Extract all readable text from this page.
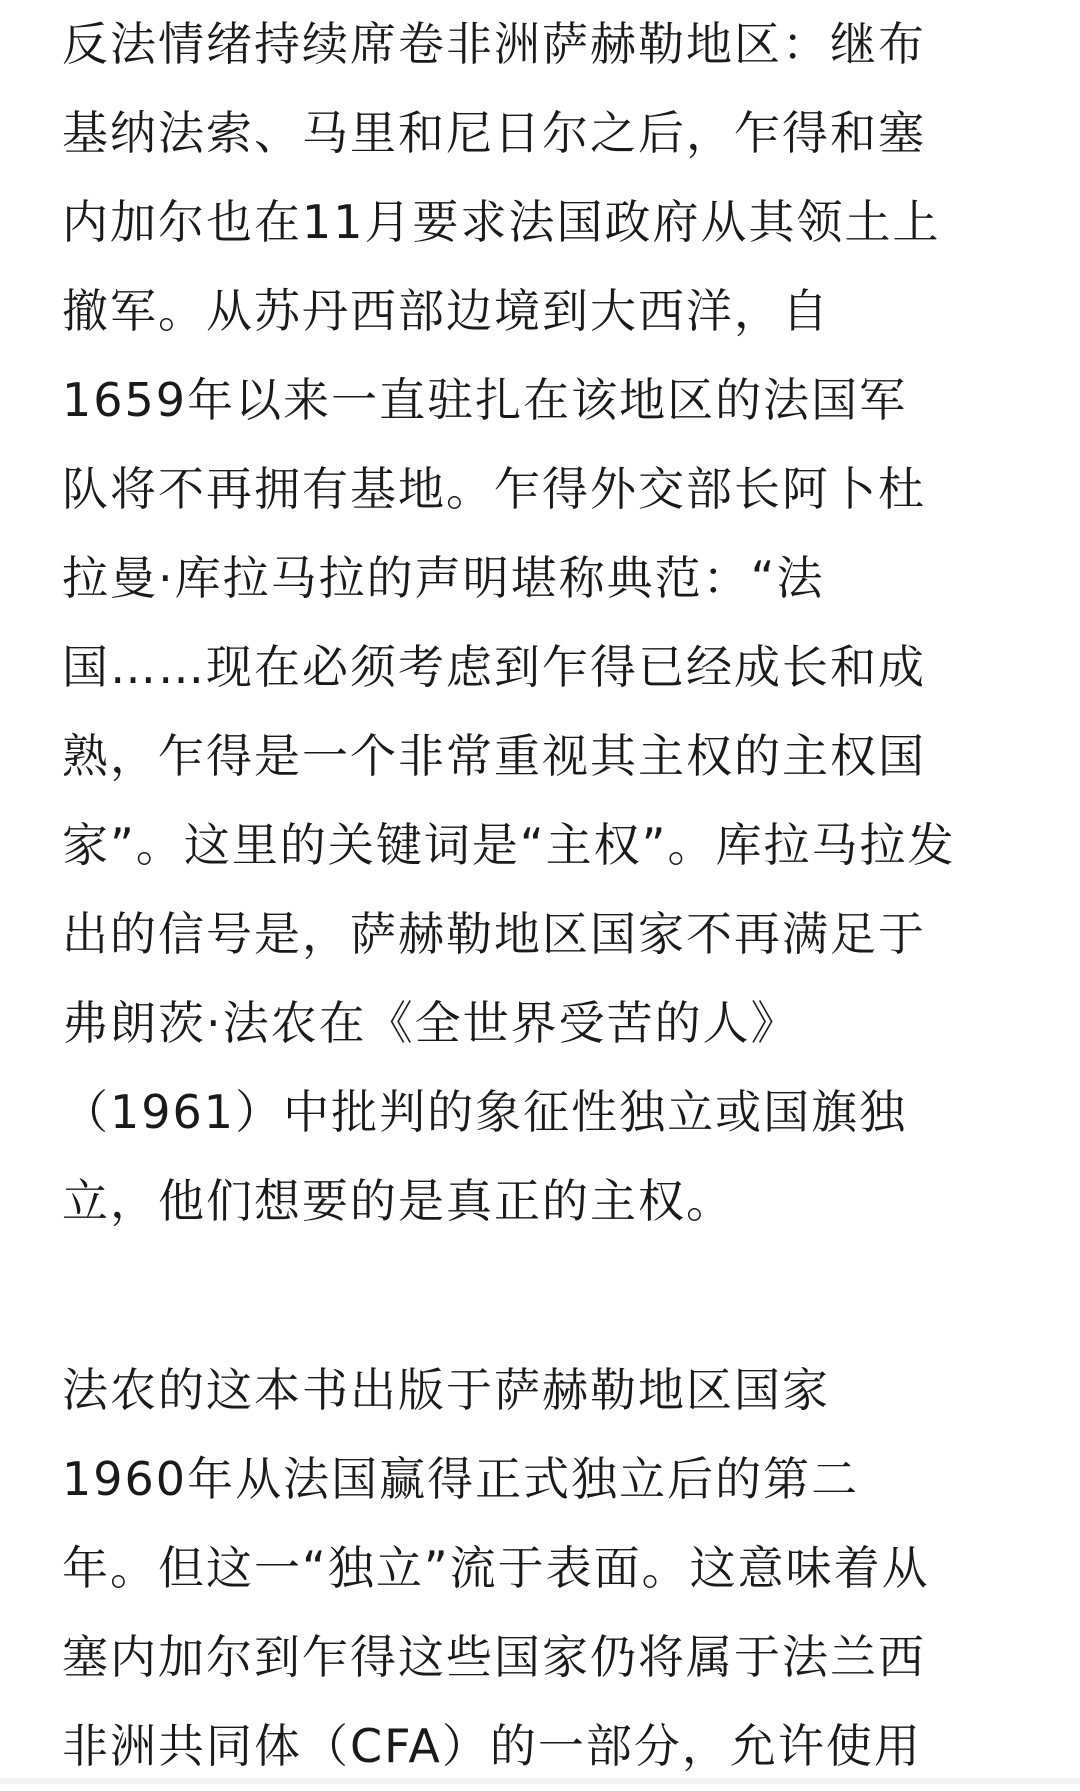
反法情绪持续席卷非洲萨赫勒地区：继布
基纳法索、马里和尼日尔之后，乍得和塞
内加尔也在11月要求法国政府从其领土上
撤军。从苏丹西部边境到大西洋，自
1659年以来一直驻扎在该地区的法国军
队将不再拥有基地。乍得外交部长阿卜杜
拉曼·库拉马拉的声明堪称典范：“法
国……现在必须考虑到乍得已经成长和成
熟，乍得是一个非常重视其主权的主权国
家”。这里的关键词是“主权”。库拉马拉发
出的信号是，萨赫勒地区国家不再满足于
弗朗茨·法农在《全世界受苦的人》
（1961）中批判的象征性独立或国旗独
立，他们想要的是真正的主权。
法农的这本书出版于萨赫勒地区国家
1960年从法国赢得正式独立后的第二
年。但这一“独立”流于表面。这意味着从
塞内加尔到乍得这些国家仍将属于法兰西
非洲共同体（CFA）的一部分，允许使用
